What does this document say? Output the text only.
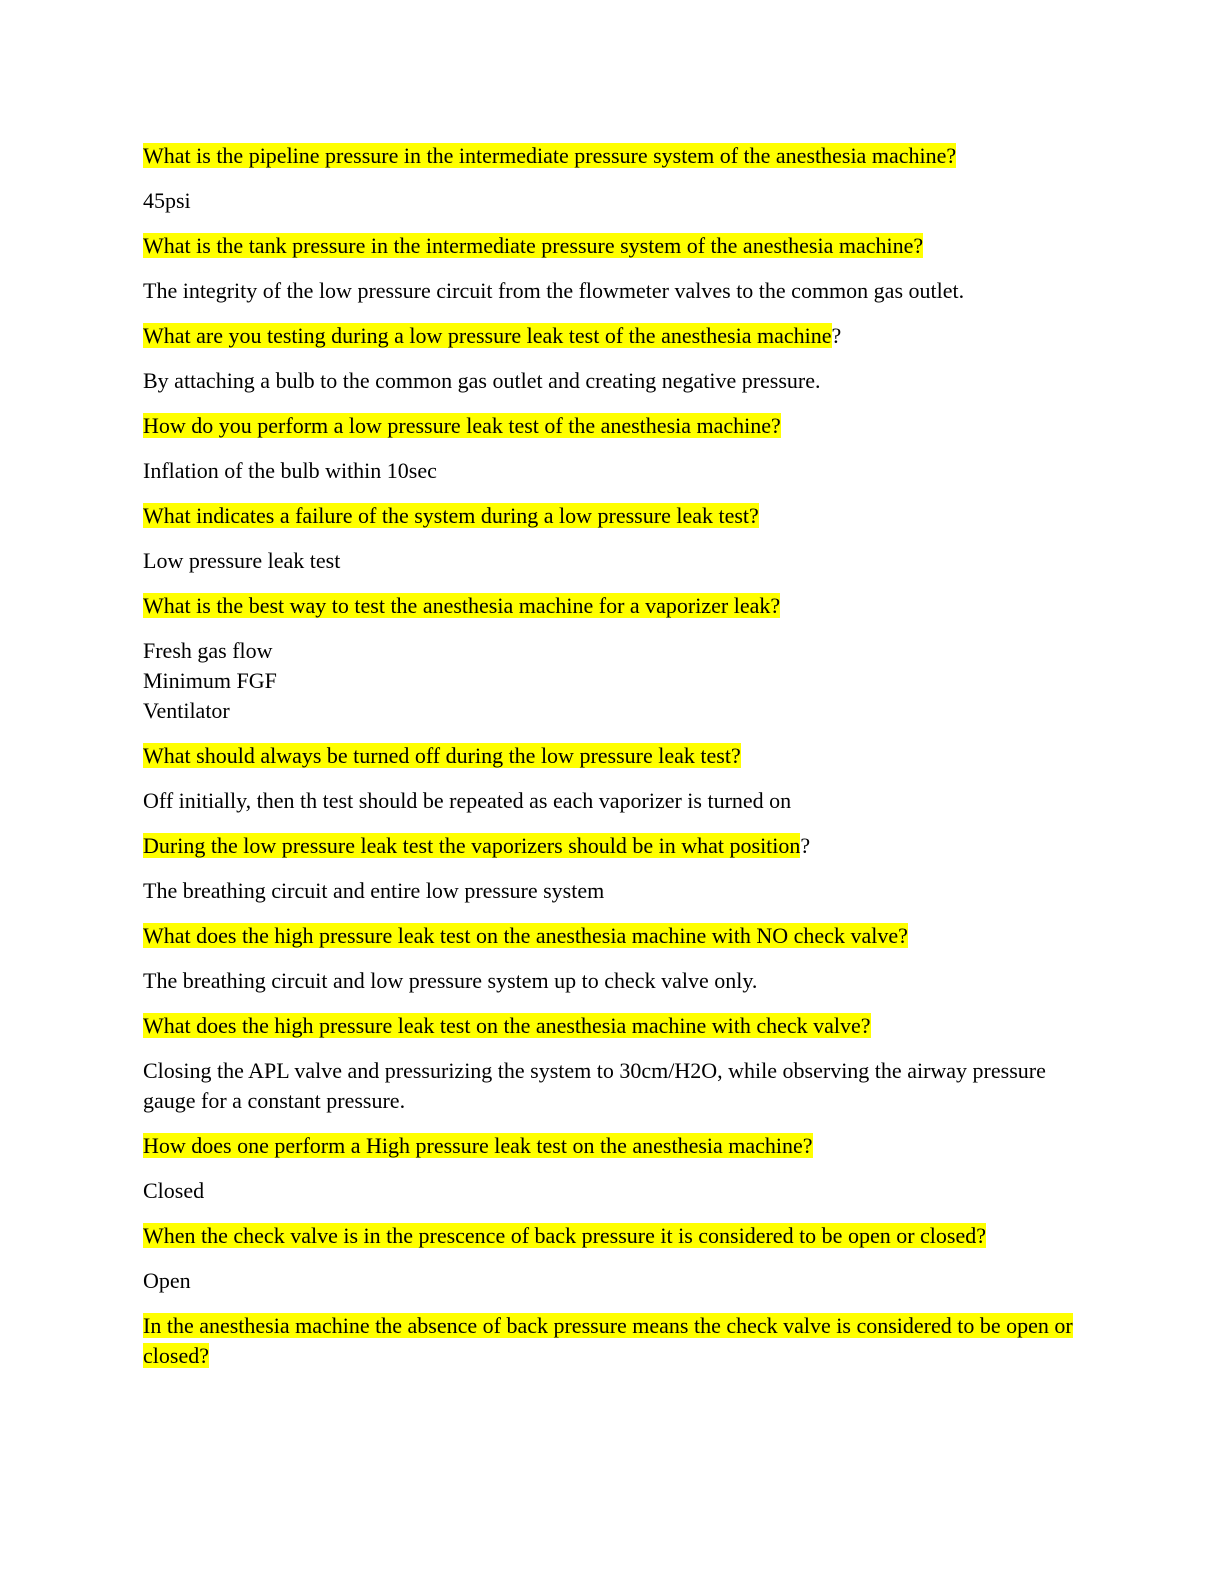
What is the pipeline pressure in the intermediate pressure system of the anesthesia machine?

45psi

What is the tank pressure in the intermediate pressure system of the anesthesia machine?

The integrity of the low pressure circuit from the flowmeter valves to the common gas outlet.

What are you testing during a low pressure leak test of the anesthesia machine?

By attaching a bulb to the common gas outlet and creating negative pressure.

How do you perform a low pressure leak test of the anesthesia machine?

Inflation of the bulb within 10sec

What indicates a failure of the system during a low pressure leak test?

Low pressure leak test

What is the best way to test the anesthesia machine for a vaporizer leak?

Fresh gas flow
Minimum FGF
Ventilator

What should always be turned off during the low pressure leak test?

Off initially, then th test should be repeated as each vaporizer is turned on

During the low pressure leak test the vaporizers should be in what position?

The breathing circuit and entire low pressure system

What does the high pressure leak test on the anesthesia machine with NO check valve?

The breathing circuit and low pressure system up to check valve only.

What does the high pressure leak test on the anesthesia machine with check valve?

Closing the APL valve and pressurizing the system to 30cm/H2O, while observing the airway pressure gauge for a constant pressure.

How does one perform a High pressure leak test on the anesthesia machine?

Closed

When the check valve is in the prescence of back pressure it is considered to be open or closed?

Open

In the anesthesia machine the absence of back pressure means the check valve is considered to be open or closed?
